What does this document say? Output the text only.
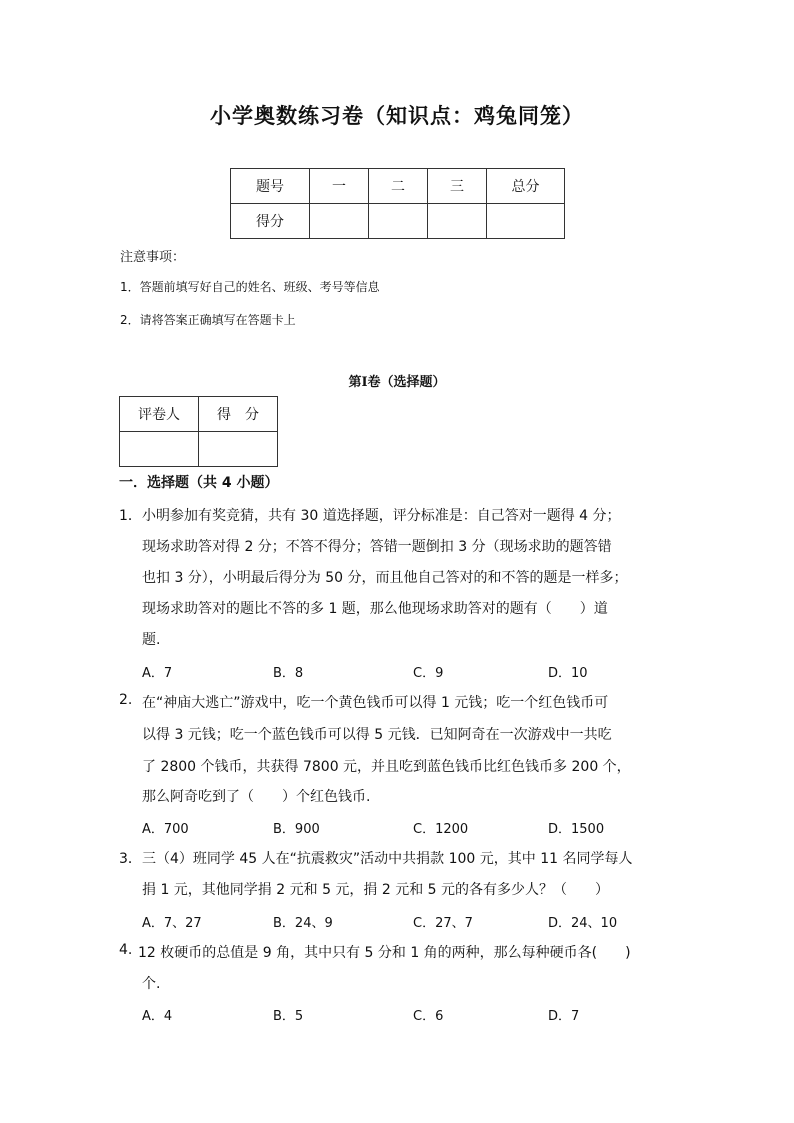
小学奥数练习卷（知识点：鸡兔同笼）
题号	一	二	三	总分
得分				
注意事项：
1．答题前填写好自己的姓名、班级、考号等信息
2．请将答案正确填写在答题卡上
第Ⅰ卷（选择题）
评卷人	得　分

一．选择题（共 4 小题）
1． 小明参加有奖竞猜，共有 30 道选择题，评分标准是：自己答对一题得 4 分；
现场求助答对得 2 分；不答不得分；答错一题倒扣 3 分（现场求助的题答错
也扣 3 分），小明最后得分为 50 分，而且他自己答对的和不答的题是一样多；
现场求助答对的题比不答的多 1 题，那么他现场求助答对的题有（　　）道
题.
A．7	B．8	C．9	D．10
2. 在“神庙大逃亡”游戏中，吃一个黄色钱币可以得 1 元钱；吃一个红色钱币可
以得 3 元钱；吃一个蓝色钱币可以得 5 元钱．已知阿奇在一次游戏中一共吃
了 2800 个钱币，共获得 7800 元，并且吃到蓝色钱币比红色钱币多 200 个，
那么阿奇吃到了（　　）个红色钱币.
A．700	B．900	C．1200	D．1500
3． 三（4）班同学 45 人在“抗震救灾”活动中共捐款 100 元，其中 11 名同学每人
捐 1 元，其他同学捐 2 元和 5 元，捐 2 元和 5 元的各有多少人？（　　）
A．7、27	B．24、9	C．27、7	D．24、10
4. 12 枚硬币的总值是 9 角，其中只有 5 分和 1 角的两种，那么每种硬币各(　　)
个.
A．4	B．5	C．6	D．7
